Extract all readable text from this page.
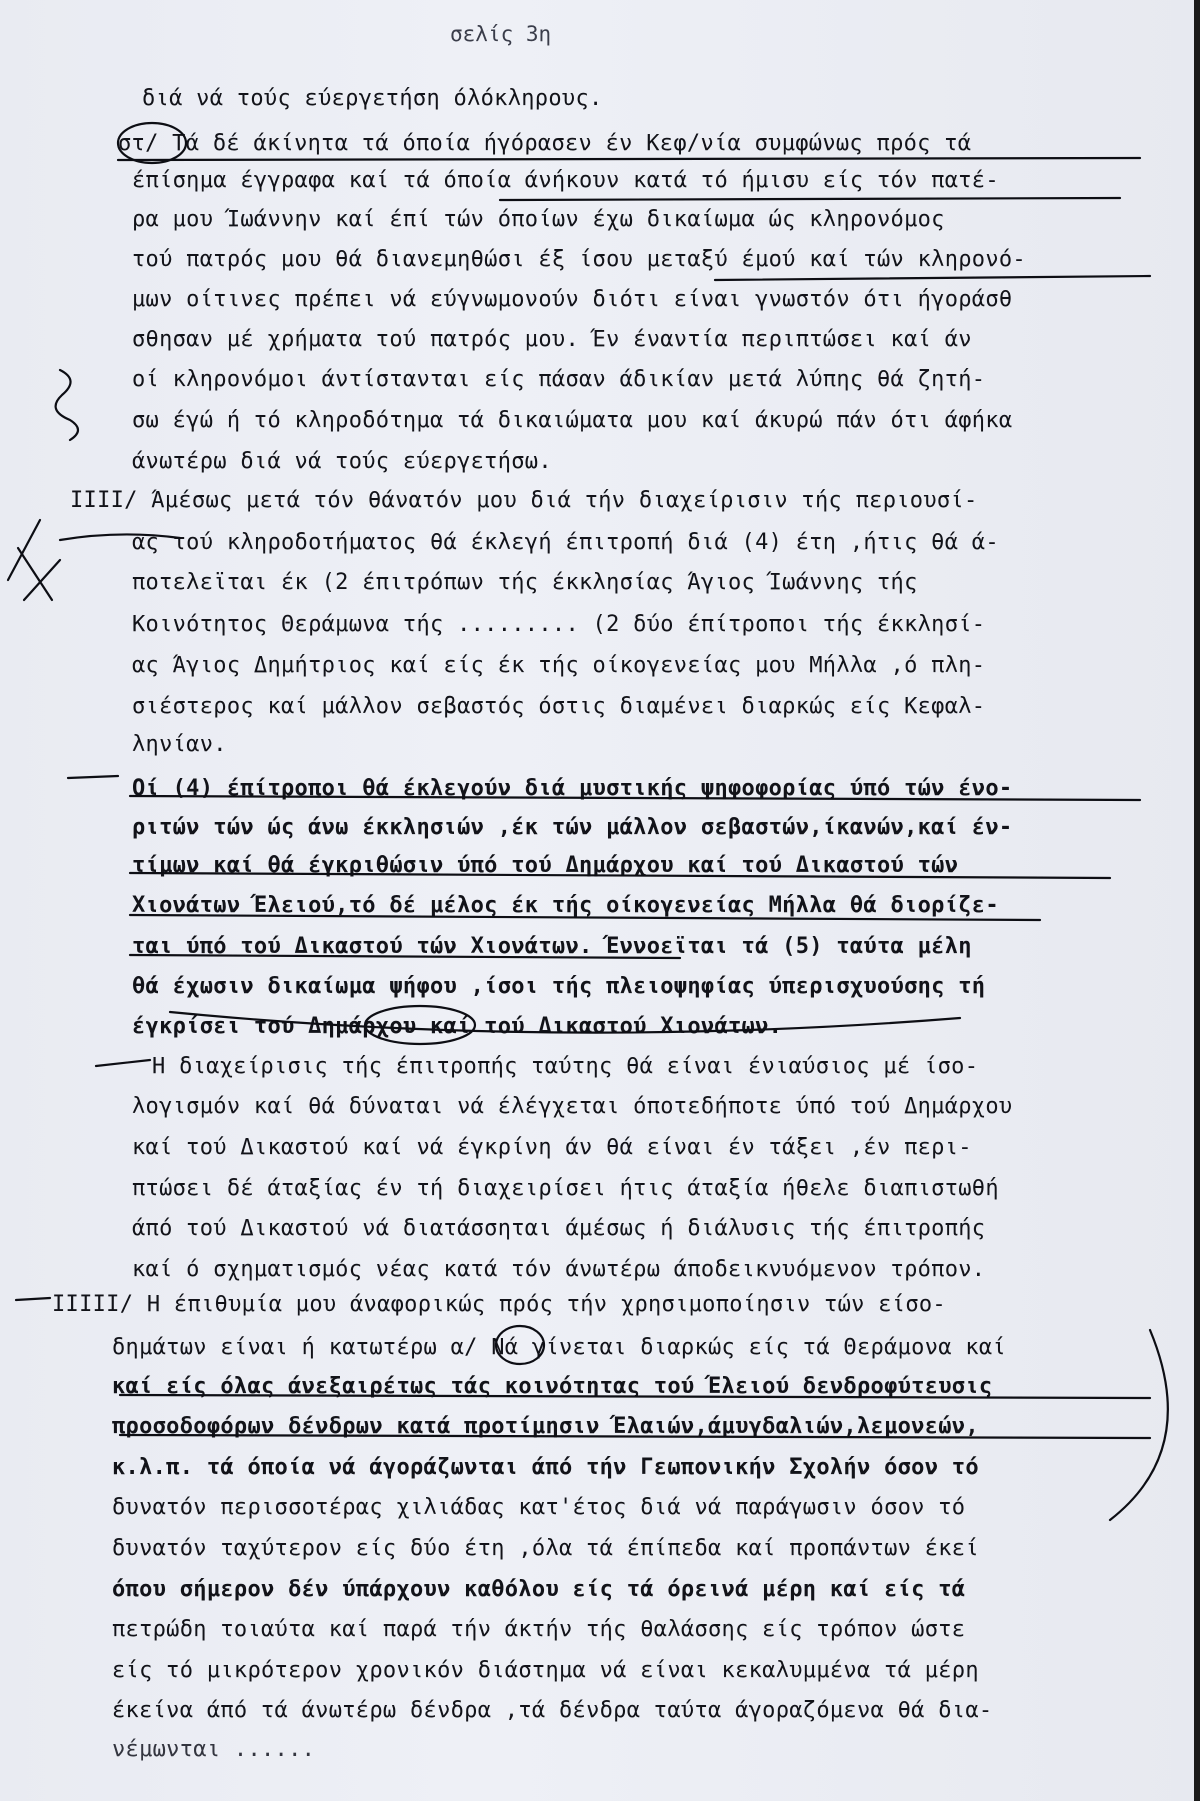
σελίς 3η
διά νά τούς εύεργετήση όλόκληρους.
στ/ Τά δέ άκίνητα τά όποία ήγόρασεν έν Κεφ/νία συμφώνως πρός τά
έπίσημα έγγραφα καί τά όποία άνήκουν κατά τό ήμισυ είς τόν πατέ-
ρα μου Ίωάννην καί έπί τών όποίων έχω δικαίωμα ώς κληρονόμος
τού πατρός μου θά διανεμηθώσι έξ ίσου μεταξύ έμού καί τών κληρονό-
μων οίτινες πρέπει νά εύγνωμονούν διότι είναι γνωστόν ότι ήγοράσθ
σθησαν μέ χρήματα τού πατρός μου. Έν έναντία περιπτώσει καί άν
οί κληρονόμοι άντίστανται είς πάσαν άδικίαν μετά λύπης θά ζητή-
σω έγώ ή τό κληροδότημα τά δικαιώματα μου καί άκυρώ πάν ότι άφήκα
άνωτέρω διά νά τούς εύεργετήσω.
IIII/ Άμέσως μετά τόν θάνατόν μου διά τήν διαχείρισιν τής περιουσί-
ας τού κληροδοτήματος θά έκλεγή έπιτροπή διά (4) έτη ,ήτις θά ά-
ποτελεϊται έκ (2 έπιτρόπων τής έκκλησίας Άγιος Ίωάννης τής
Κοινότητος Θεράμωνα τής ......... (2 δύο έπίτροποι τής έκκλησί-
ας Άγιος Δημήτριος καί είς έκ τής οίκογενείας μου Μήλλα ,ό πλη-
σιέστερος καί μάλλον σεβαστός όστις διαμένει διαρκώς είς Κεφαλ-
ληνίαν.
Οί (4) έπίτροποι θά έκλεγούν διά μυστικής ψηφοφορίας ύπό τών ένο-
ριτών τών ώς άνω έκκλησιών ,έκ τών μάλλον σεβαστών,ίκανών,καί έν-
τίμων καί θά έγκριθώσιν ύπό τού Δημάρχου καί τού Δικαστού τών
Χιονάτων Έλειού,τό δέ μέλος έκ τής οίκογενείας Μήλλα θά διορίζε-
ται ύπό τού Δικαστού τών Χιονάτων. Έννοεϊται τά (5) ταύτα μέλη
θά έχωσιν δικαίωμα ψήφου ,ίσοι τής πλειοψηφίας ύπερισχυούσης τή
έγκρίσει τού Δημάρχου καί τού Δικαστού Χιονάτων.
Η διαχείρισις τής έπιτροπής ταύτης θά είναι ένιαύσιος μέ ίσο-
λογισμόν καί θά δύναται νά έλέγχεται όποτεδήποτε ύπό τού Δημάρχου
καί τού Δικαστού καί νά έγκρίνη άν θά είναι έν τάξει ,έν περι-
πτώσει δέ άταξίας έν τή διαχειρίσει ήτις άταξία ήθελε διαπιστωθή
άπό τού Δικαστού νά διατάσσηται άμέσως ή διάλυσις τής έπιτροπής
καί ό σχηματισμός νέας κατά τόν άνωτέρω άποδεικνυόμενον τρόπον.
IIIII/ Η έπιθυμία μου άναφορικώς πρός τήν χρησιμοποίησιν τών είσο-
δημάτων είναι ή κατωτέρω α/ Νά γίνεται διαρκώς είς τά Θεράμονα καί
καί είς όλας άνεξαιρέτως τάς κοινότητας τού Έλειού δενδροφύτευσις
προσοδοφόρων δένδρων κατά προτίμησιν Έλαιών,άμυγδαλιών,λεμονεών,
κ.λ.π. τά όποία νά άγοράζωνται άπό τήν Γεωπονικήν Σχολήν όσον τό
δυνατόν περισσοτέρας χιλιάδας κατ'έτος διά νά παράγωσιν όσον τό
δυνατόν ταχύτερον είς δύο έτη ,όλα τά έπίπεδα καί προπάντων έκεί
όπου σήμερον δέν ύπάρχουν καθόλου είς τά όρεινά μέρη καί είς τά
πετρώδη τοιαύτα καί παρά τήν άκτήν τής θαλάσσης είς τρόπον ώστε
είς τό μικρότερον χρονικόν διάστημα νά είναι κεκαλυμμένα τά μέρη
έκείνα άπό τά άνωτέρω δένδρα ,τά δένδρα ταύτα άγοραζόμενα θά δια-
νέμωνται ......
